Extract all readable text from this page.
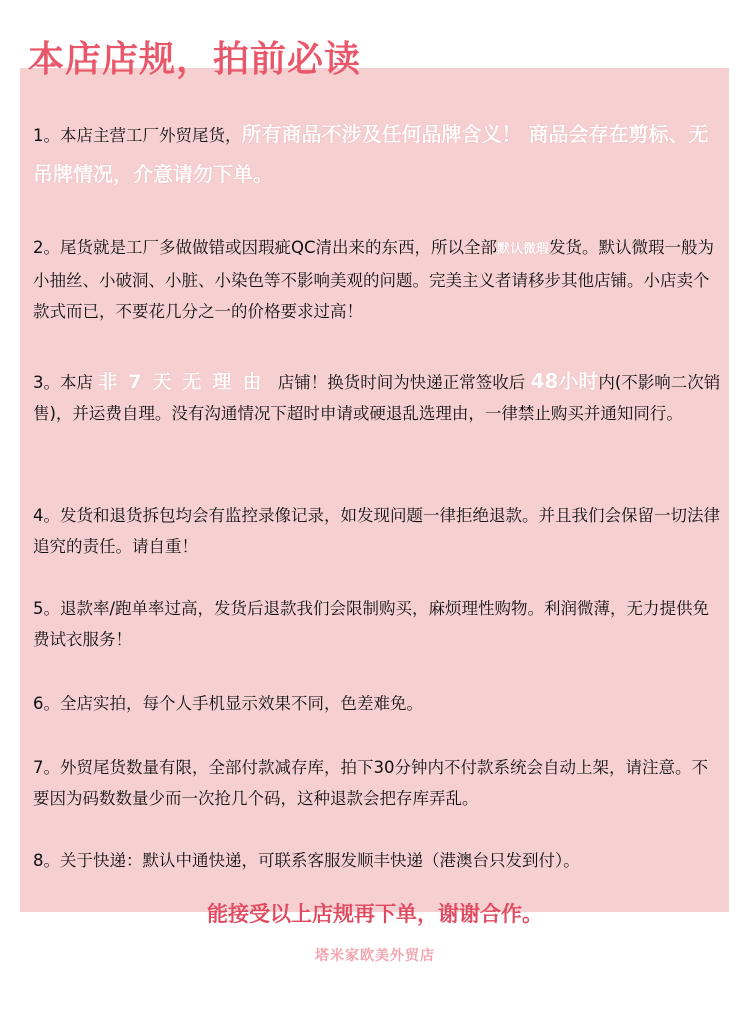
本店店规，拍前必读
1。本店主营工厂外贸尾货，所有商品不涉及任何品牌含义！ 商品会存在剪标、无吊牌情况，介意请勿下单。
2。尾货就是工厂多做做错或因瑕疵QC清出来的东西，所以全部默认微瑕发货。默认微瑕一般为小抽丝、小破洞、小脏、小染色等不影响美观的问题。完美主义者请移步其他店铺。小店卖个款式而已，不要花几分之一的价格要求过高！
3。本店 非7天无理由 店铺！换货时间为快递正常签收后 48小时内(不影响二次销售)，并运费自理。没有沟通情况下超时申请或硬退乱选理由，一律禁止购买并通知同行。
4。发货和退货拆包均会有监控录像记录，如发现问题一律拒绝退款。并且我们会保留一切法律追究的责任。请自重！
5。退款率/跑单率过高，发货后退款我们会限制购买，麻烦理性购物。利润微薄，无力提供免费试衣服务！
6。全店实拍，每个人手机显示效果不同，色差难免。
7。外贸尾货数量有限，全部付款减存库，拍下30分钟内不付款系统会自动上架，请注意。不要因为码数数量少而一次抢几个码，这种退款会把存库弄乱。
8。关于快递：默认中通快递，可联系客服发顺丰快递（港澳台只发到付）。
能接受以上店规再下单，谢谢合作。
塔米家欧美外贸店
